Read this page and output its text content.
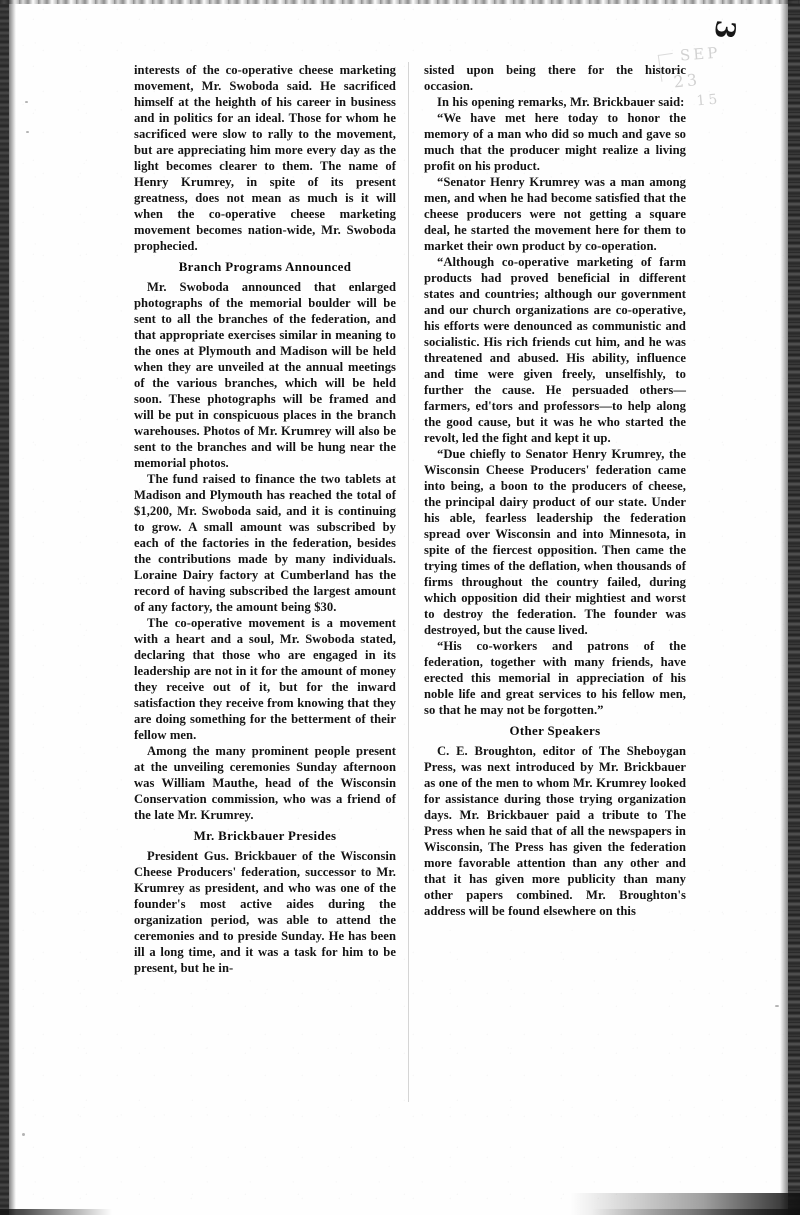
3
SEP
23
15

interests of the co-operative cheese marketing movement, Mr. Swoboda said. He sacrificed himself at the heighth of his career in business and in politics for an ideal. Those for whom he sacrificed were slow to rally to the movement, but are appreciating him more every day as the light becomes clearer to them. The name of Henry Krumrey, in spite of its present greatness, does not mean as much is it will when the co-operative cheese marketing movement becomes nation-wide, Mr. Swoboda prophecied.

Branch Programs Announced

Mr. Swoboda announced that enlarged photographs of the memorial boulder will be sent to all the branches of the federation, and that appropriate exercises similar in meaning to the ones at Plymouth and Madison will be held when they are unveiled at the annual meetings of the various branches, which will be held soon. These photographs will be framed and will be put in conspicuous places in the branch warehouses. Photos of Mr. Krumrey will also be sent to the branches and will be hung near the memorial photos.

The fund raised to finance the two tablets at Madison and Plymouth has reached the total of $1,200, Mr. Swoboda said, and it is continuing to grow. A small amount was subscribed by each of the factories in the federation, besides the contributions made by many individuals. Loraine Dairy factory at Cumberland has the record of having subscribed the largest amount of any factory, the amount being $30.

The co-operative movement is a movement with a heart and a soul, Mr. Swoboda stated, declaring that those who are engaged in its leadership are not in it for the amount of money they receive out of it, but for the inward satisfaction they receive from knowing that they are doing something for the betterment of their fellow men.

Among the many prominent people present at the unveiling ceremonies Sunday afternoon was William Mauthe, head of the Wisconsin Conservation commission, who was a friend of the late Mr. Krumrey.

Mr. Brickbauer Presides

President Gus. Brickbauer of the Wisconsin Cheese Producers' federation, successor to Mr. Krumrey as president, and who was one of the founder's most active aides during the organization period, was able to attend the ceremonies and to preside Sunday. He has been ill a long time, and it was a task for him to be present, but he in-

sisted upon being there for the historic occasion.

In his opening remarks, Mr. Brickbauer said:

“We have met here today to honor the memory of a man who did so much and gave so much that the producer might realize a living profit on his product.

“Senator Henry Krumrey was a man among men, and when he had become satisfied that the cheese producers were not getting a square deal, he started the movement here for them to market their own product by co-operation.

“Although co-operative marketing of farm products had proved beneficial in different states and countries; although our government and our church organizations are co-operative, his efforts were denounced as communistic and socialistic. His rich friends cut him, and he was threatened and abused. His ability, influence and time were given freely, unselfishly, to further the cause. He persuaded others—farmers, ed'tors and professors—to help along the good cause, but it was he who started the revolt, led the fight and kept it up.

“Due chiefly to Senator Henry Krumrey, the Wisconsin Cheese Producers' federation came into being, a boon to the producers of cheese, the principal dairy product of our state. Under his able, fearless leadership the federation spread over Wisconsin and into Minnesota, in spite of the fiercest opposition. Then came the trying times of the deflation, when thousands of firms throughout the country failed, during which opposition did their mightiest and worst to destroy the federation. The founder was destroyed, but the cause lived.

“His co-workers and patrons of the federation, together with many friends, have erected this memorial in appreciation of his noble life and great services to his fellow men, so that he may not be forgotten.”

Other Speakers

C. E. Broughton, editor of The Sheboygan Press, was next introduced by Mr. Brickbauer as one of the men to whom Mr. Krumrey looked for assistance during those trying organization days. Mr. Brickbauer paid a tribute to The Press when he said that of all the newspapers in Wisconsin, The Press has given the federation more favorable attention than any other and that it has given more publicity than many other papers combined. Mr. Broughton's address will be found elsewhere on this
